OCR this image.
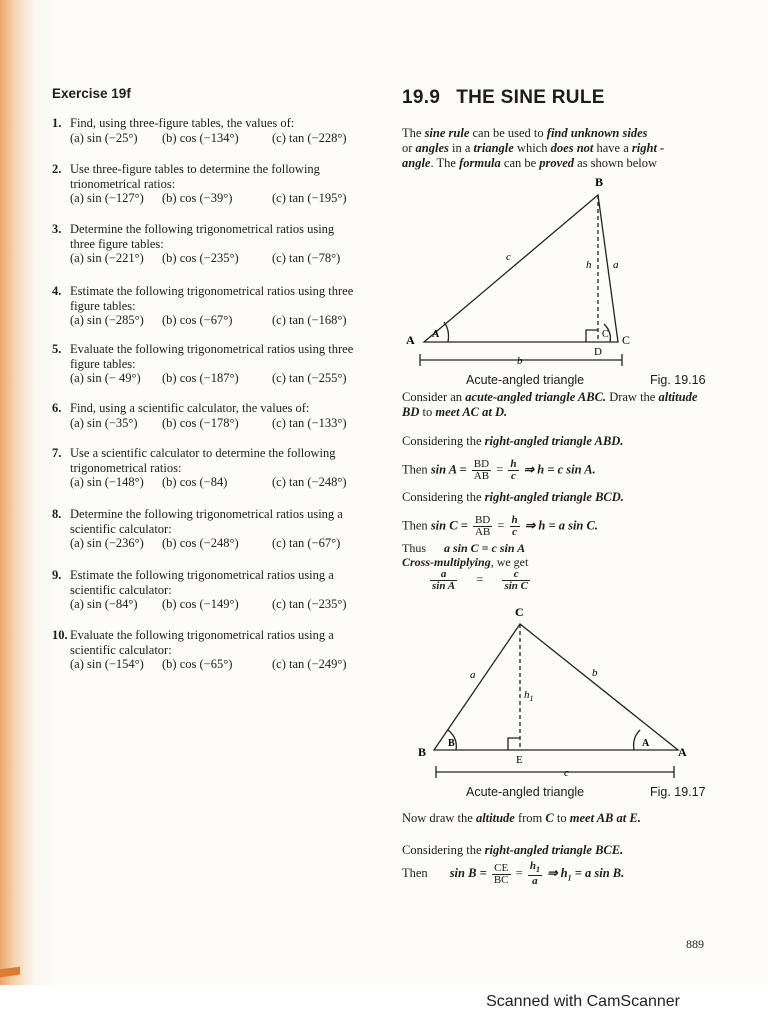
Exercise 19f
1. Find, using three-figure tables, the values of:
(a) sin (−25°) (b) cos (−134°)	(c) tan (−228°)
2. Use three-figure tables to determine the following trionometrical ratios:
(a) sin (−127°) (b) cos (−39°)	(c) tan (−195°)
3. Determine the following trigonometrical ratios using three figure tables:
(a) sin (−221°) (b) cos (−235°)	(c) tan (−78°)
4. Estimate the following trigonometrical ratios using three figure tables:
(a) sin (−285°) (b) cos (−67°)	(c) tan (−168°)
5. Evaluate the following trigonometrical ratios using three figure tables:
(a) sin (− 49°) (b) cos (−187°)	(c) tan (−255°)
6. Find, using a scientific calculator, the values of:
(a) sin (−35°) (b) cos (−178°)	(c) tan (−133°)
7. Use a scientific calculator to determine the following trigonometrical ratios:
(a) sin (−148°) (b) cos (−84)	(c) tan (−248°)
8. Determine the following trigonometrical ratios using a scientific calculator:
(a) sin (−236°) (b) cos (−248°)	(c) tan (−67°)
9. Estimate the following trigonometrical ratios using a scientific calculator:
(a) sin (−84°) (b) cos (−149°)	(c) tan (−235°)
10. Evaluate the following trigonometrical ratios using a scientific calculator:
(a) sin (−154°) (b) cos (−65°)	(c) tan (−249°)
19.9 THE SINE RULE
The sine rule can be used to find unknown sides
or angles in a triangle which does not have a right -
angle. The formula can be proved as shown below
B
A	C
D
c
a
h
b
A	C
Acute-angled triangle	Fig. 19.16
Consider an acute-angled triangle ABC. Draw the altitude
BD to meet AC at D.
Considering the right-angled triangle ABD.
Then $\sin A = \frac{BD}{AB} = \frac{h}{c}$ ⇒ h = c sin A.
Considering the right-angled triangle BCD.
Then $\sin C = \frac{BD}{AB} = \frac{h}{c}$ ⇒ h = a sin C.
Thus a sin C = c sin A
Cross-multiplying, we get
$\frac{a}{\text{sin A}} = \frac{c}{\text{sin C}}$
C
B	A
E
a	b
$h_1$
c
B	A
Acute-angled triangle	Fig. 19.17
Now draw the altitude from C to meet AB at E.
Considering the right-angled triangle BCE.
Then $\sin B = \frac{CE}{BC} = \frac{h_1}{a}$ ⇒ $h_1 = a$ sin B.
889
Scanned with CamScanner
